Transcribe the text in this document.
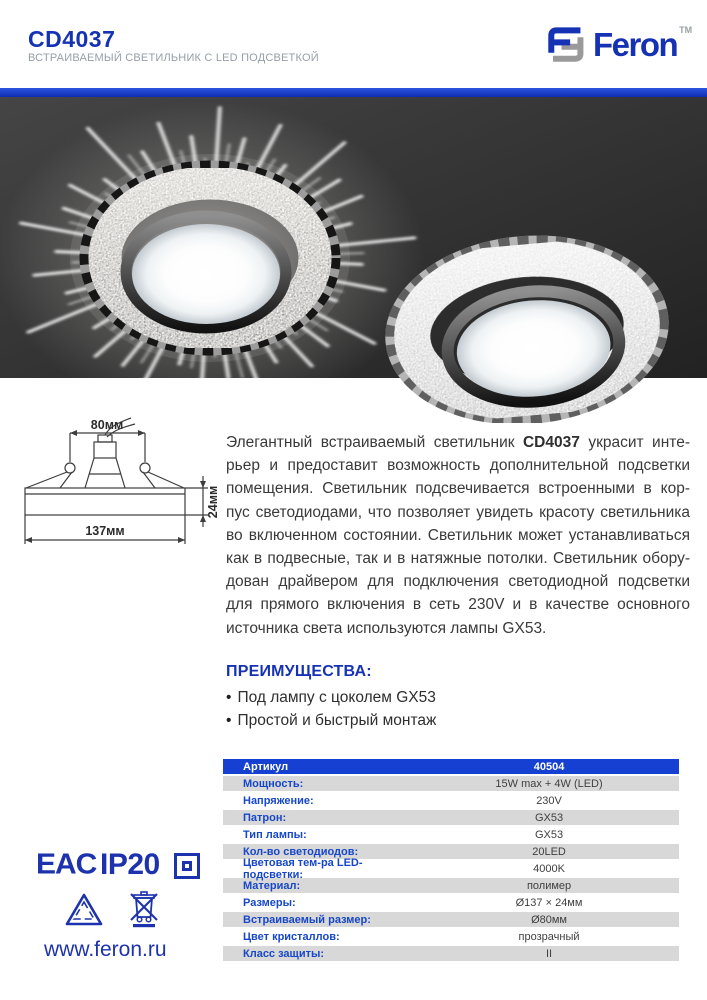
CD4037
ВСТРАИВАЕМЫЙ СВЕТИЛЬНИК С LED ПОДСВЕТКОЙ	Feron TM
80мм
24мм
137мм
Элегантный встраиваемый светильник CD4037 украсит инте-
рьер и предоставит возможность дополнительной подсветки
помещения. Светильник подсвечивается встроенными в кор-
пус светодиодами, что позволяет увидеть красоту светильника
во включенном состоянии. Светильник может устанавливаться
как в подвесные, так и в натяжные потолки. Светильник обору-
дован драйвером для подключения светодиодной подсветки
для прямого включения в сеть 230V и в качестве основного
источника света используются лампы GX53.
ПРЕИМУЩЕСТВА:
• Под лампу с цоколем GX53
• Простой и быстрый монтаж
Артикул	40504
Мощность:	15W max + 4W (LED)
Напряжение:	230V
Патрон:	GX53
Тип лампы:	GX53
Кол-во светодиодов:	20LED
Цветовая тем-ра LED-подсветки:	4000K
Материал:	полимер
Размеры:	Ø137 × 24мм
Встраиваемый размер:	Ø80мм
Цвет кристаллов:	прозрачный
Класс защиты:	II
EAC IP20
www.feron.ru
